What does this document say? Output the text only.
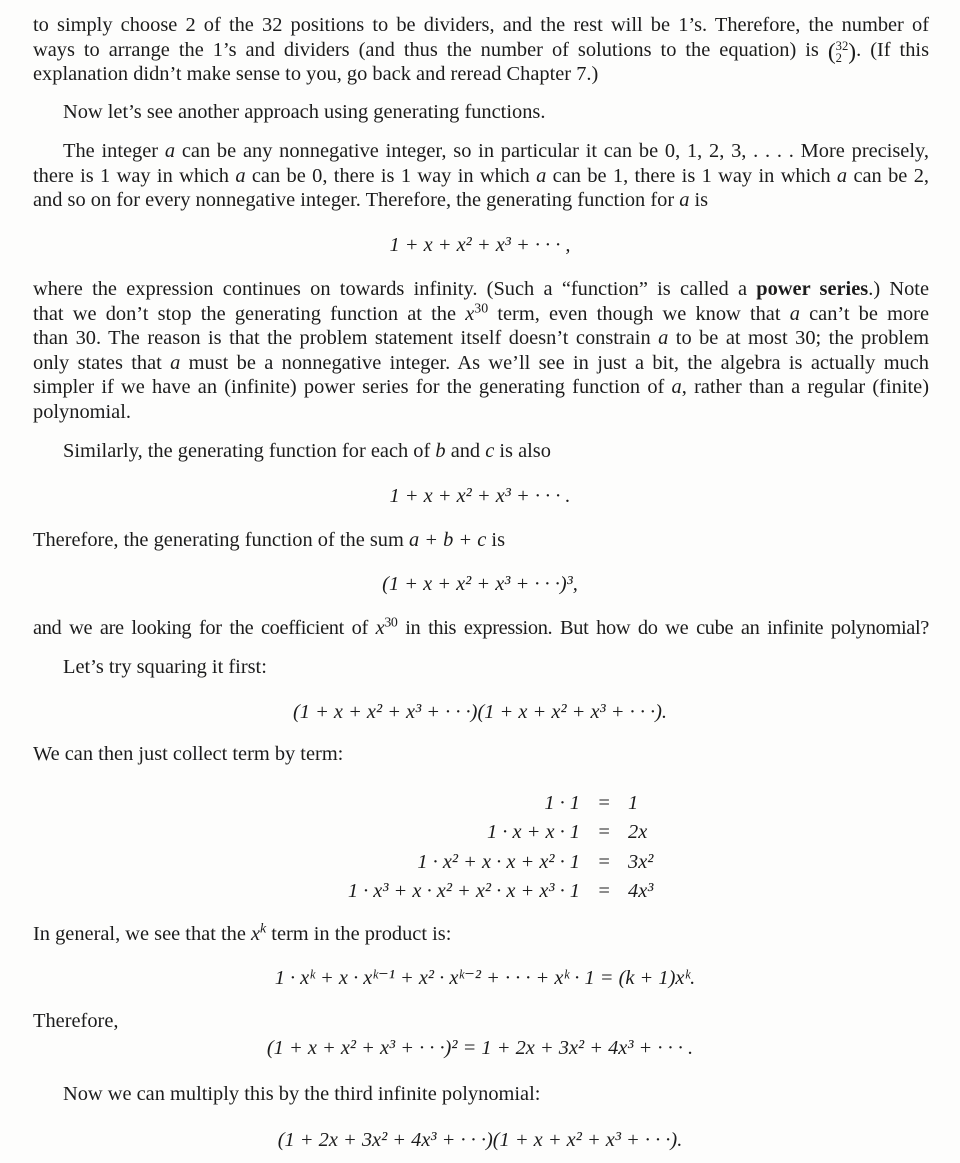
to simply choose 2 of the 32 positions to be dividers, and the rest will be 1’s. Therefore, the number of
ways to arrange the 1’s and dividers (and thus the number of solutions to the equation) is ( 32
2 ) . (If this
explanation didn’t make sense to you, go back and reread Chapter 7.)
Now let’s see another approach using generating functions.
The integer a can be any nonnegative integer, so in particular it can be 0, 1, 2, 3, . . . . More precisely,
there is 1 way in which a can be 0, there is 1 way in which a can be 1, there is 1 way in which a can be 2,
and so on for every nonnegative integer. Therefore, the generating function for a is
1 + x + x² + x³ + · · · ,
where the expression continues on towards infinity. (Such a “function” is called a power series.) Note
that we don’t stop the generating function at the $x^{30}$ term, even though we know that a can’t be more
than 30. The reason is that the problem statement itself doesn’t constrain a to be at most 30; the problem
only states that a must be a nonnegative integer. As we’ll see in just a bit, the algebra is actually much
simpler if we have an (infinite) power series for the generating function of a, rather than a regular (finite)
polynomial.
Similarly, the generating function for each of b and c is also
1 + x + x² + x³ + · · · .
Therefore, the generating function of the sum a + b + c is
(1 + x + x² + x³ + · · ·)³,
and we are looking for the coefficient of $x^{30}$ in this expression. But how do we cube an infinite polynomial?
Let’s try squaring it first:
(1 + x + x² + x³ + · · ·)(1 + x + x² + x³ + · · ·).
We can then just collect term by term:
1 · 1	=	1
1 · x + x · 1	=	2x
1 · x² + x · x + x² · 1	=	3x²
1 · x³ + x · x² + x² · x + x³ · 1	=	4x³
In general, we see that the $x^k$ term in the product is:
1 · xᵏ + x · xᵏ⁻¹ + x² · xᵏ⁻² + · · · + xᵏ · 1 = (k + 1)xᵏ.
Therefore,
(1 + x + x² + x³ + · · ·)² = 1 + 2x + 3x² + 4x³ + · · · .
Now we can multiply this by the third infinite polynomial:
(1 + 2x + 3x² + 4x³ + · · ·)(1 + x + x² + x³ + · · ·).
